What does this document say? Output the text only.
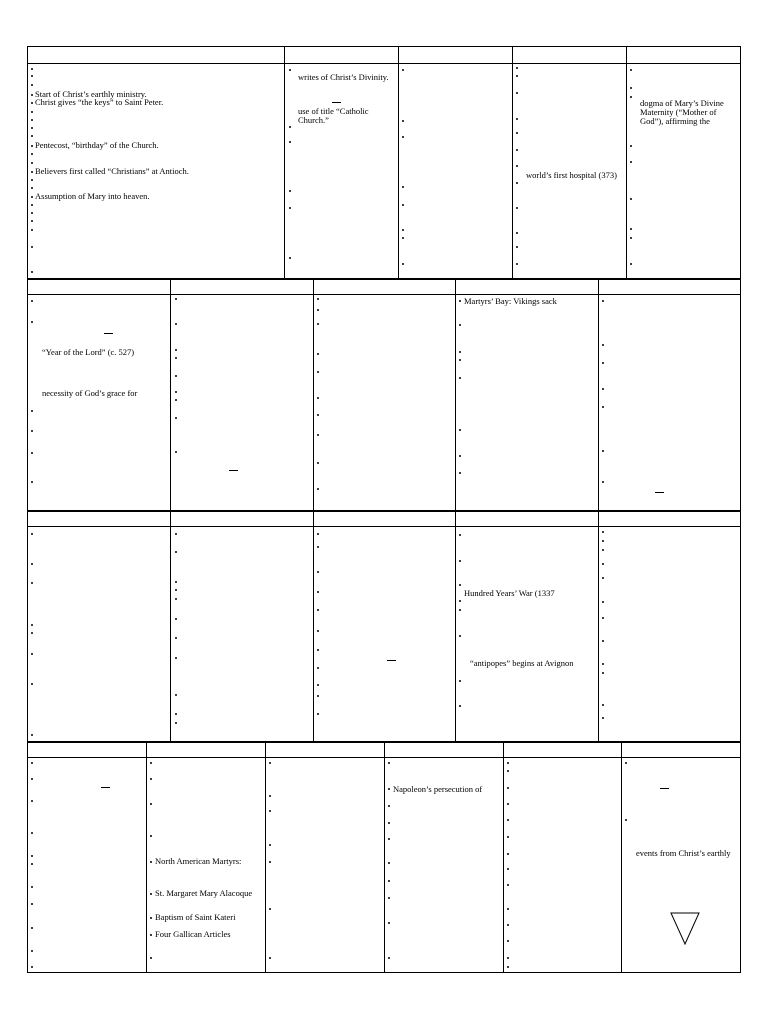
Start of Christ’s earthly ministry.
Christ gives “the keys” to Saint Peter.
Pentecost, “birthday” of the Church.
Believers first called “Christians” at Antioch.
Assumption of Mary into heaven.
writes of Christ’s Divinity.
use of title “Catholic Church.”
world’s first hospital (373)
dogma of Mary’s Divine Maternity (“Mother of God”), affirming the
“Year of the Lord” (c. 527)
necessity of God’s grace for
Martyrs’ Bay: Vikings sack
Hundred Years’ War (1337
“antipopes” begins at Avignon
North American Martyrs:
St. Margaret Mary Alacoque
Baptism of Saint Kateri
Four Gallican Articles
Napoleon’s persecution of
events from Christ’s earthly
